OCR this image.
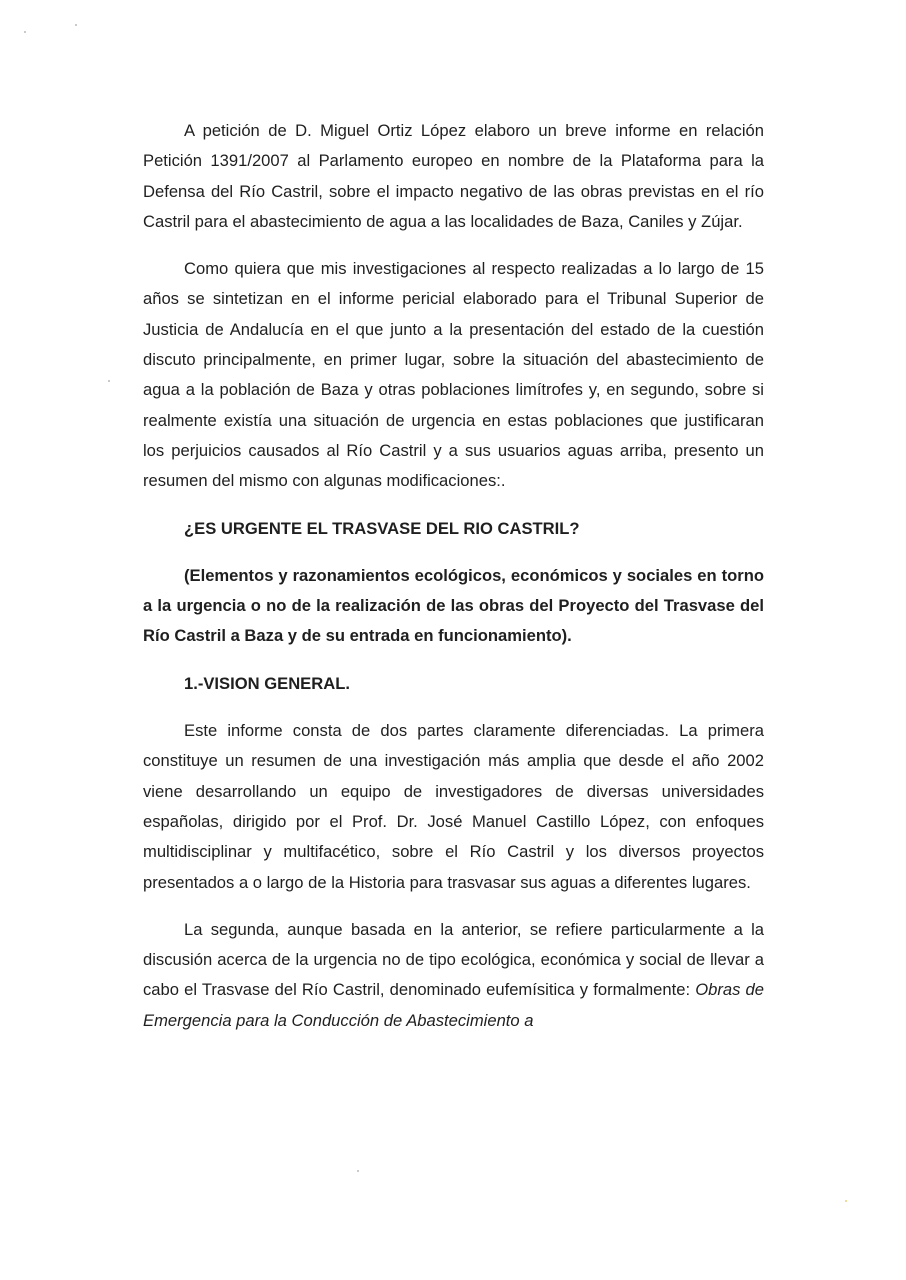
A petición de D. Miguel Ortiz López elaboro un breve informe en relación Petición 1391/2007 al Parlamento europeo en nombre de la Plataforma para la Defensa del Río Castril, sobre el impacto negativo de las obras previstas en el río Castril para el abastecimiento de agua a las localidades de Baza, Caniles y Zújar.

Como quiera que mis investigaciones al respecto realizadas a lo largo de 15 años se sintetizan en el informe pericial elaborado para el Tribunal Superior de Justicia de Andalucía en el que junto a la presentación del estado de la cuestión discuto principalmente, en primer lugar, sobre la situación del abastecimiento de agua a la población de Baza y otras poblaciones limítrofes y, en segundo, sobre si realmente existía una situación de urgencia en estas poblaciones que justificaran los perjuicios causados al Río Castril y a sus usuarios aguas arriba, presento un resumen del mismo con algunas modificaciones:.

¿ES URGENTE EL TRASVASE DEL RIO CASTRIL?

(Elementos y razonamientos ecológicos, económicos y sociales en torno a la urgencia o no de la realización de las obras del Proyecto del Trasvase del Río Castril a Baza y de su entrada en funcionamiento).

1.-VISION GENERAL.

Este informe consta de dos partes claramente diferenciadas. La primera constituye un resumen de una investigación más amplia que desde el año 2002 viene desarrollando un equipo de investigadores de diversas universidades españolas, dirigido por el Prof. Dr. José Manuel Castillo López, con enfoques multidisciplinar y multifacético, sobre el Río Castril y los diversos proyectos presentados a o largo de la Historia para trasvasar sus aguas a diferentes lugares.

La segunda, aunque basada en la anterior, se refiere particularmente a la discusión acerca de la urgencia no de tipo ecológica, económica y social de llevar a cabo el Trasvase del Río Castril, denominado eufemísitica y formalmente: Obras de Emergencia para la Conducción de Abastecimiento a
